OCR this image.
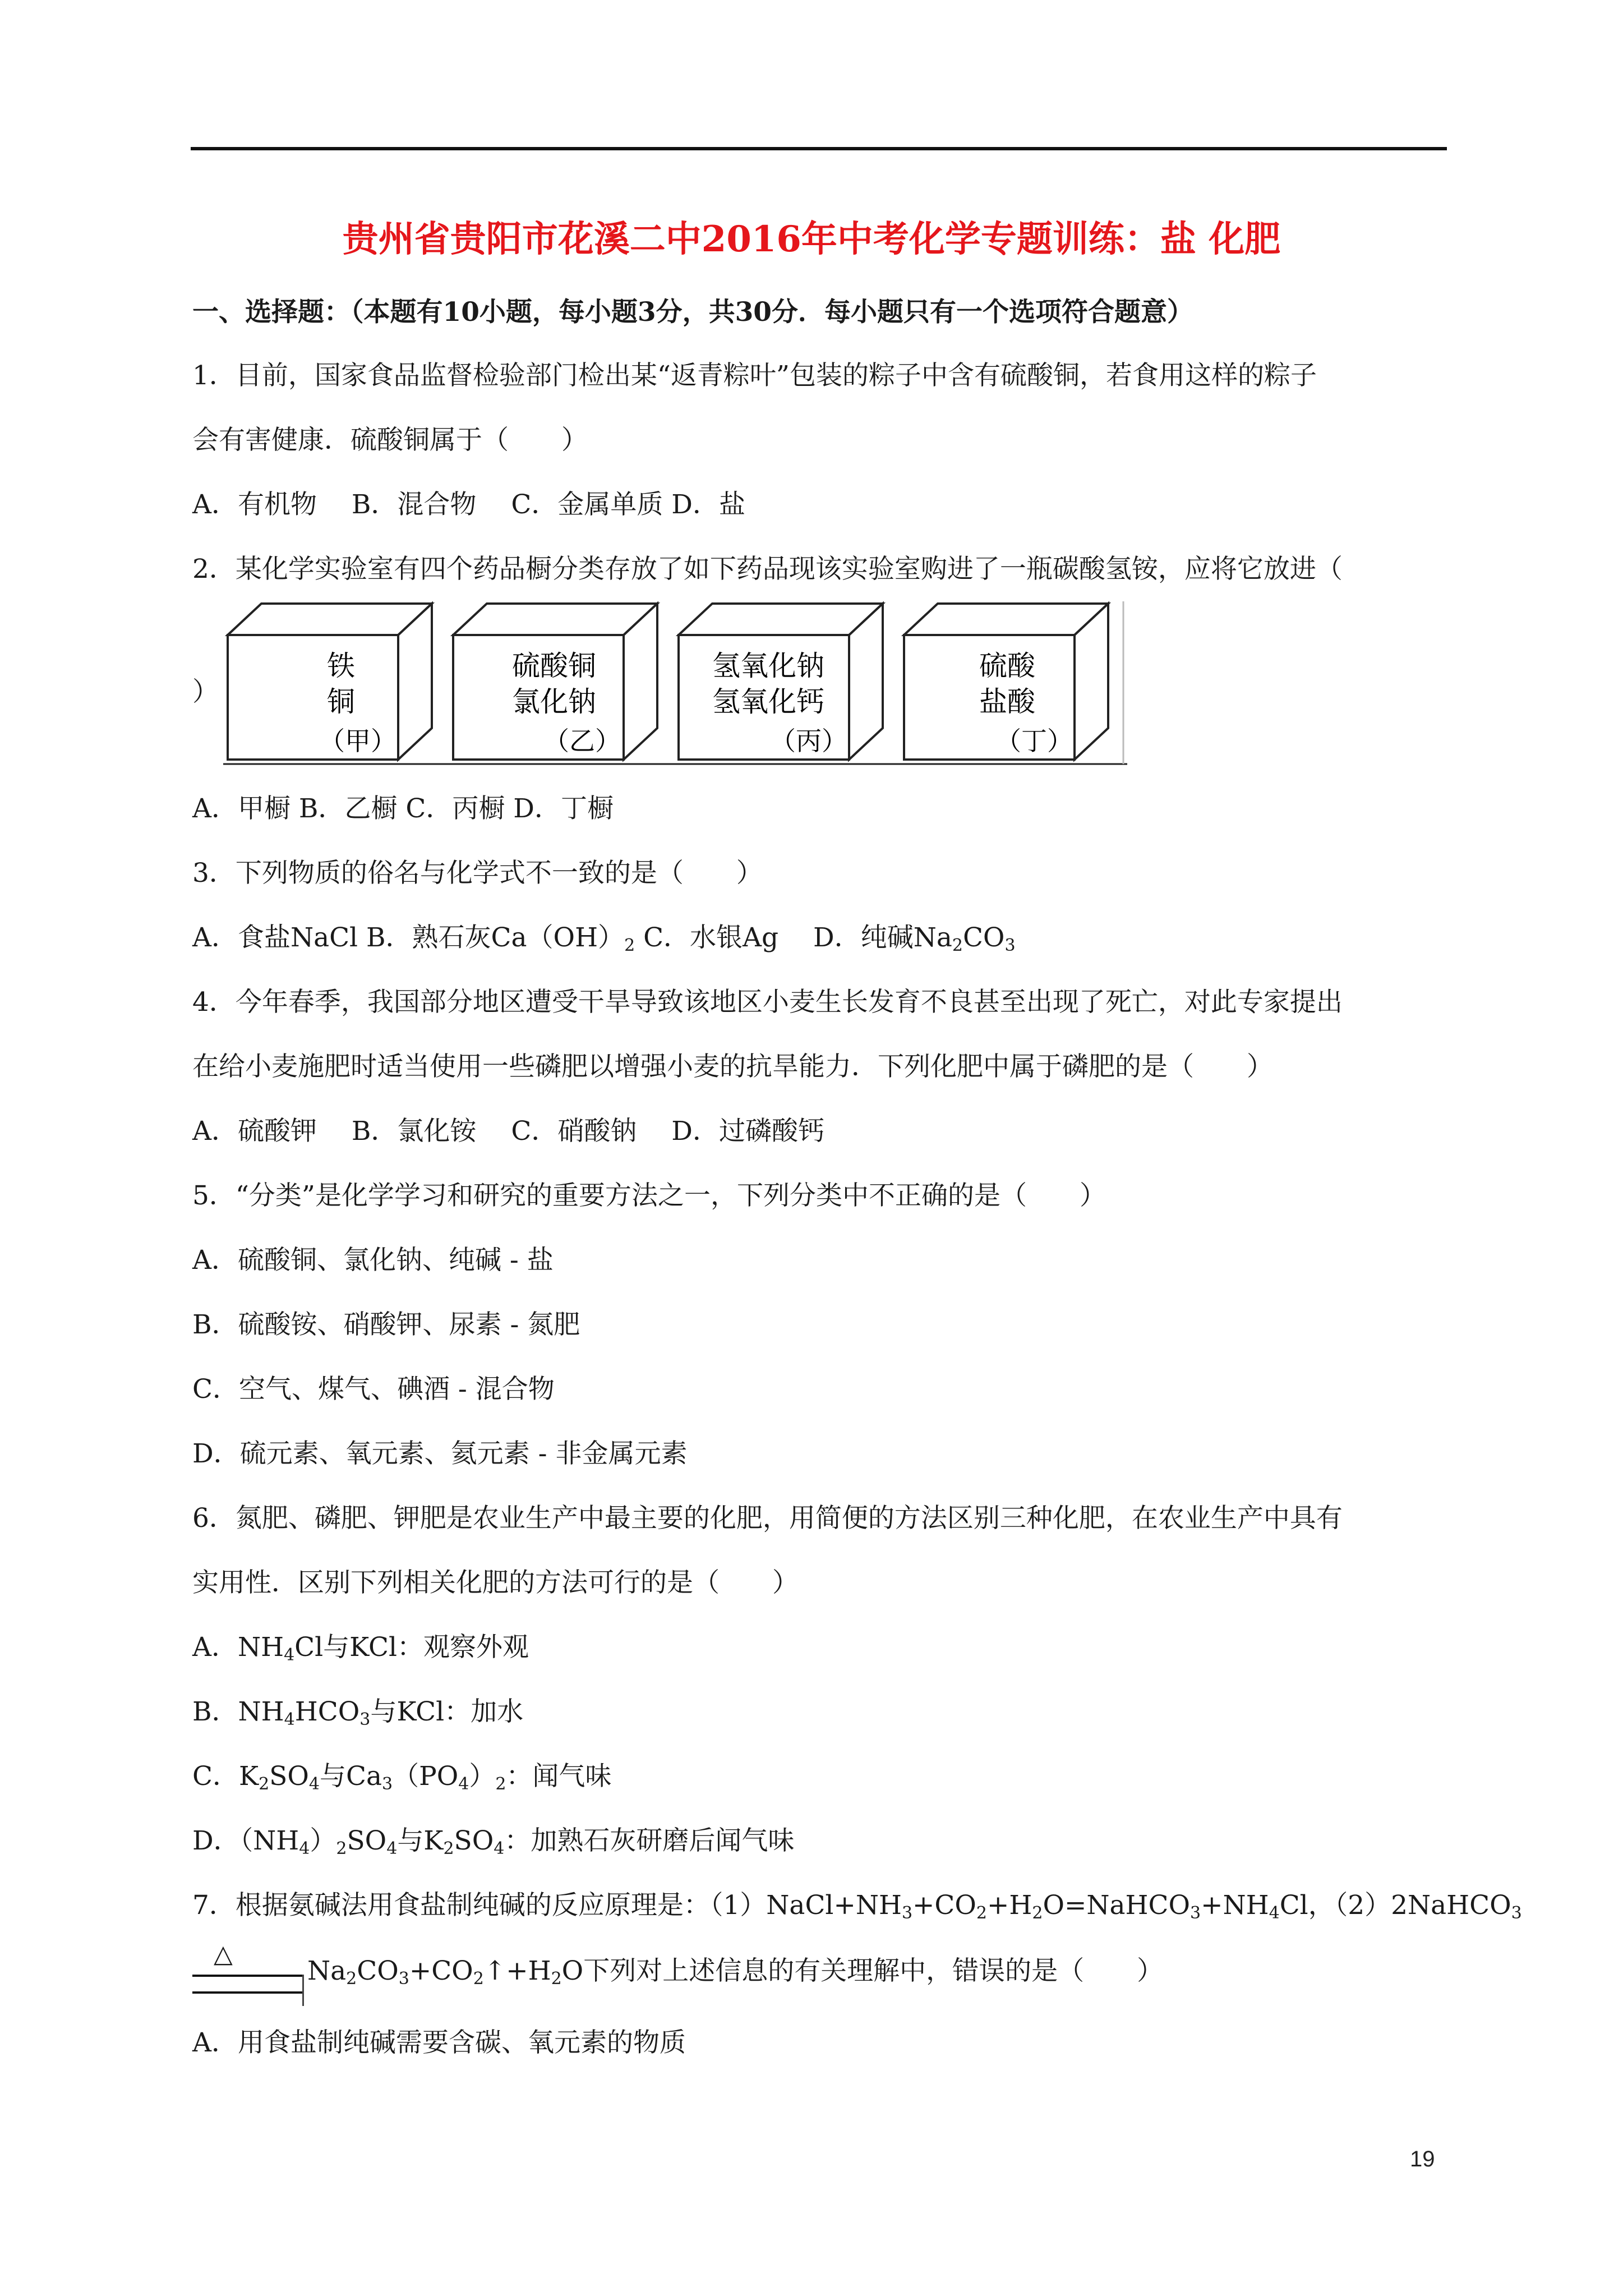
贵州省贵阳市花溪二中2016年中考化学专题训练：盐 化肥
一、选择题：（本题有10小题，每小题3分，共30分．每小题只有一个选项符合题意）
1．目前，国家食品监督检验部门检出某“返青粽叶”包装的粽子中含有硫酸铜，若食用这样的粽子
会有害健康．硫酸铜属于（　　）
A．有机物　 B．混合物　 C．金属单质 D．盐
2．某化学实验室有四个药品橱分类存放了如下药品现该实验室购进了一瓶碳酸氢铵，应将它放进（
）
铁
铜
（甲）
硫酸铜
氯化钠
（乙）
氢氧化钠
氢氧化钙
（丙）
硫酸
盐酸
（丁）
A．甲橱 B．乙橱 C．丙橱 D．丁橱
3．下列物质的俗名与化学式不一致的是（　　）
A．食盐NaCl B．熟石灰$Ca(OH)_2$ C．水银Ag　 D．纯碱$Na_2CO_3$
4．今年春季，我国部分地区遭受干旱导致该地区小麦生长发育不良甚至出现了死亡，对此专家提出
在给小麦施肥时适当使用一些磷肥以增强小麦的抗旱能力．下列化肥中属于磷肥的是（　　）
A．硫酸钾　 B．氯化铵　 C．硝酸钠　 D．过磷酸钙
5．“分类”是化学学习和研究的重要方法之一，下列分类中不正确的是（　　）
A．硫酸铜、氯化钠、纯碱 - 盐
B．硫酸铵、硝酸钾、尿素 - 氮肥
C．空气、煤气、碘酒 - 混合物
D．硫元素、氧元素、氦元素 - 非金属元素
6．氮肥、磷肥、钾肥是农业生产中最主要的化肥，用简便的方法区别三种化肥，在农业生产中具有
实用性．区别下列相关化肥的方法可行的是（　　）
A．$NH_4Cl$与KCl：观察外观
B．$NH_4HCO_3$与KCl：加水
C．$K_2SO_4$与$Ca_3(PO_4)_2$：闻气味
D．$(NH_4)_2SO_4$与$K_2SO_4$：加熟石灰研磨后闻气味
7．根据氨碱法用食盐制纯碱的反应原理是：$(1)NaCl+NH_3+CO_2+H_2O=NaHCO_3+NH_4Cl$，（2）2NaHCO$_3$
△
$Na_2CO_3+CO_2↑+H_2O$下列对上述信息的有关理解中，错误的是（　　）
A．用食盐制纯碱需要含碳、氧元素的物质
19
